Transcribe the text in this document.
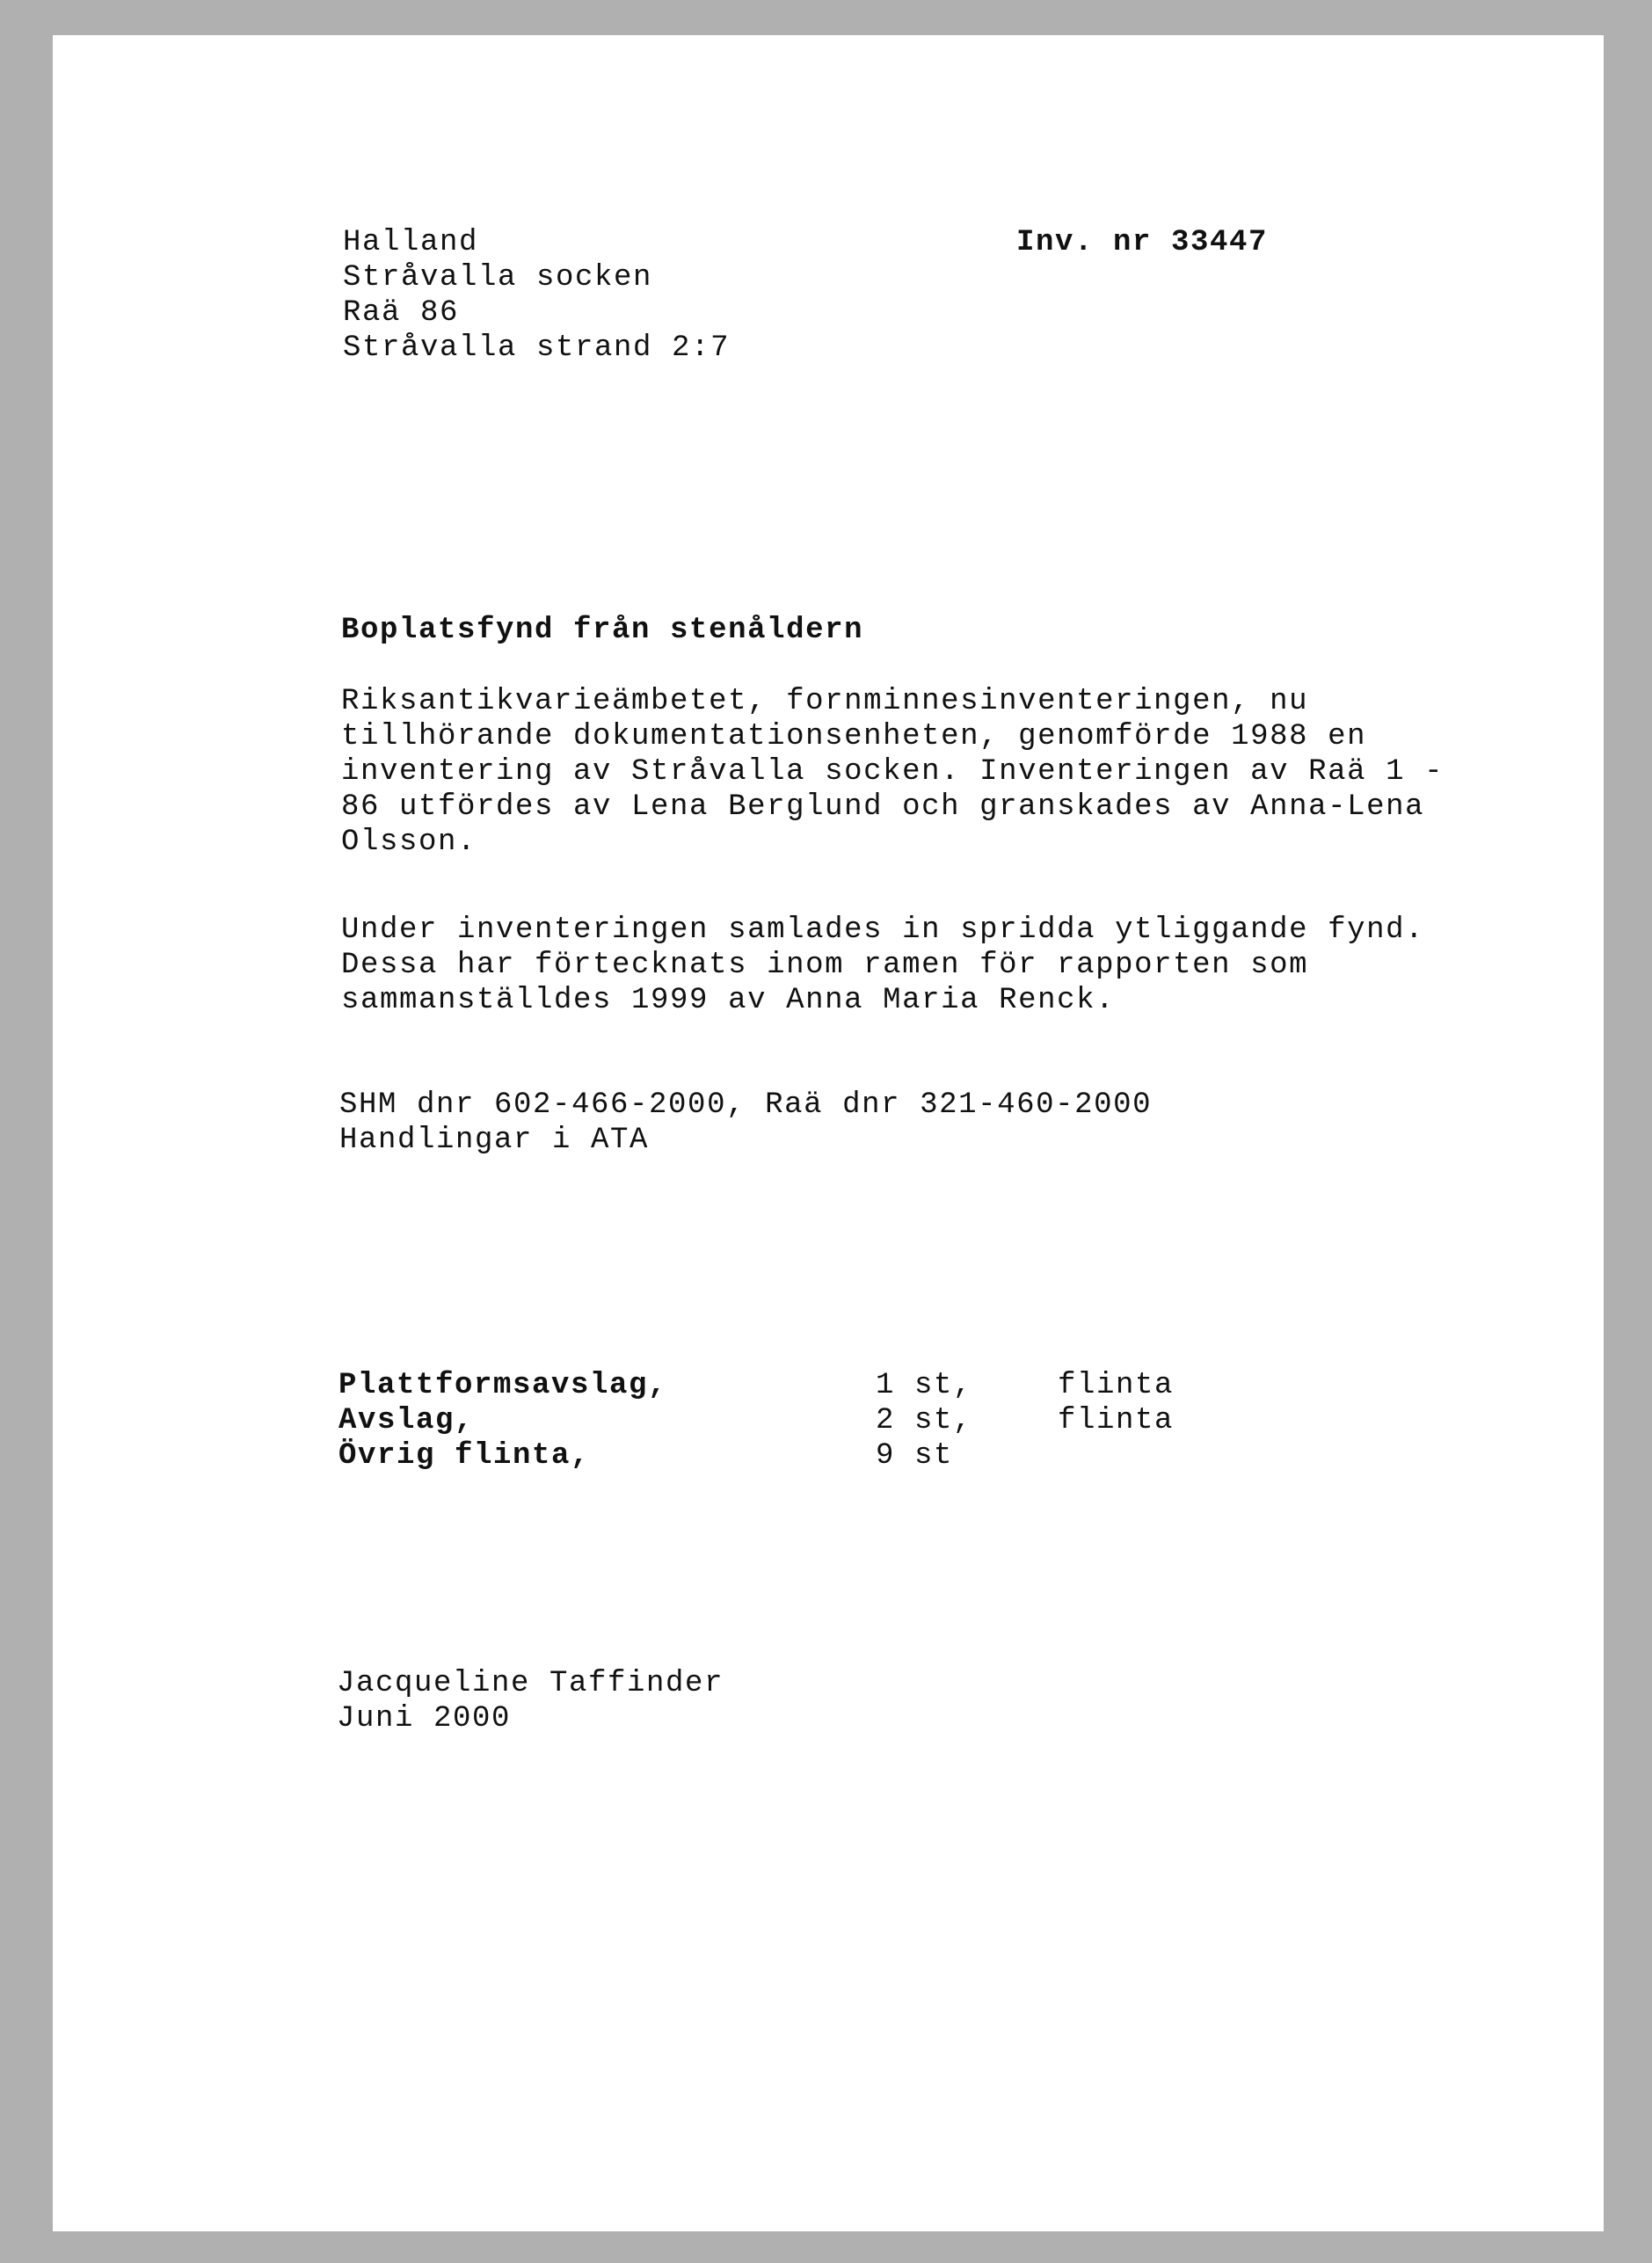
Halland
Stråvalla socken
Raä 86
Stråvalla strand 2:7
Inv. nr 33447
Boplatsfynd från stenåldern
Riksantikvarieämbetet, fornminnesinventeringen, nu
tillhörande dokumentationsenheten, genomförde 1988 en
inventering av Stråvalla socken. Inventeringen av Raä 1 -
86 utfördes av Lena Berglund och granskades av Anna-Lena
Olsson.
Under inventeringen samlades in spridda ytliggande fynd.
Dessa har förtecknats inom ramen för rapporten som
sammanställdes 1999 av Anna Maria Renck.
SHM dnr 602-466-2000, Raä dnr 321-460-2000
Handlingar i ATA
Plattformsavslag,	1 st,	flinta
Avslag,	2 st,	flinta
Övrig flinta,	9 st
Jacqueline Taffinder
Juni 2000
